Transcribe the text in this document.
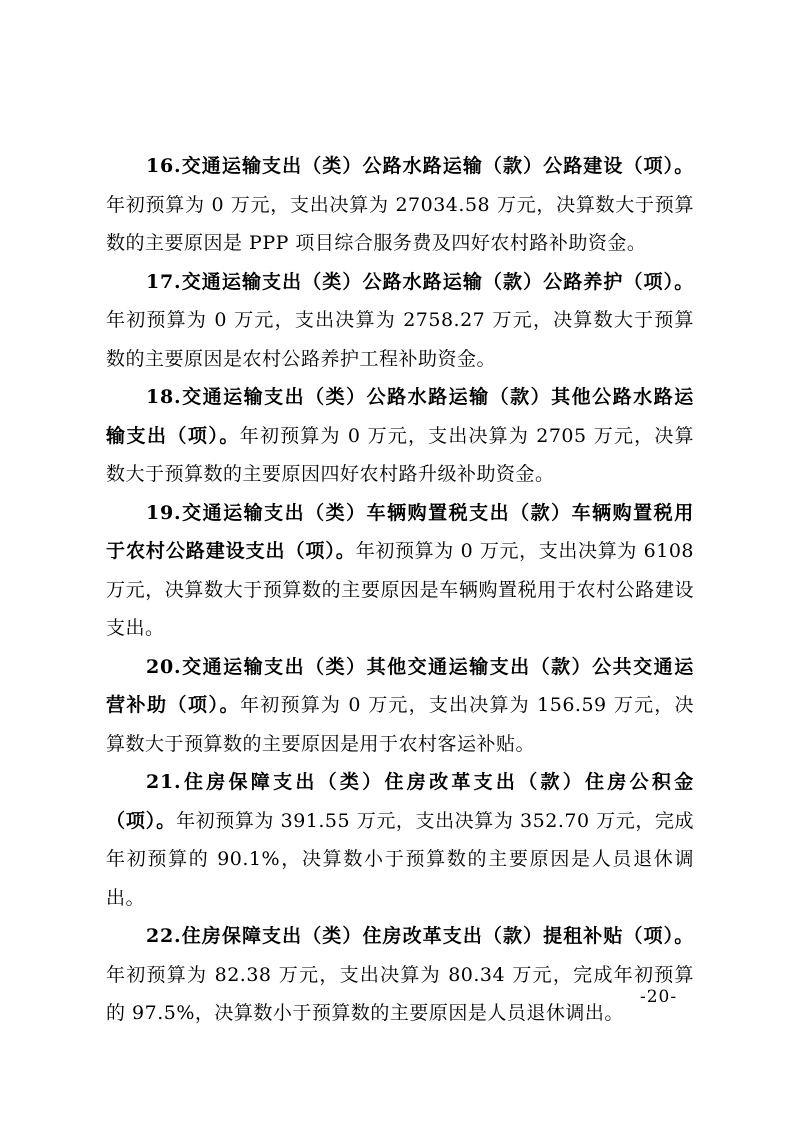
16.交通运输支出（类）公路水路运输（款）公路建设（项）。年初预算为 0 万元，支出决算为 27034.58 万元，决算数大于预算数的主要原因是 PPP 项目综合服务费及四好农村路补助资金。

17.交通运输支出（类）公路水路运输（款）公路养护（项）。年初预算为 0 万元，支出决算为 2758.27 万元，决算数大于预算数的主要原因是农村公路养护工程补助资金。

18.交通运输支出（类）公路水路运输（款）其他公路水路运输支出（项）。年初预算为 0 万元，支出决算为 2705 万元，决算数大于预算数的主要原因四好农村路升级补助资金。

19.交通运输支出（类）车辆购置税支出（款）车辆购置税用于农村公路建设支出（项）。年初预算为 0 万元，支出决算为 6108 万元，决算数大于预算数的主要原因是车辆购置税用于农村公路建设支出。

20.交通运输支出（类）其他交通运输支出（款）公共交通运营补助（项）。年初预算为 0 万元，支出决算为 156.59 万元，决算数大于预算数的主要原因是用于农村客运补贴。

21.住房保障支出（类）住房改革支出（款）住房公积金（项）。年初预算为 391.55 万元，支出决算为 352.70 万元，完成年初预算的 90.1%，决算数小于预算数的主要原因是人员退休调出。

22.住房保障支出（类）住房改革支出（款）提租补贴（项）。年初预算为 82.38 万元，支出决算为 80.34 万元，完成年初预算的 97.5%，决算数小于预算数的主要原因是人员退休调出。

-20-
